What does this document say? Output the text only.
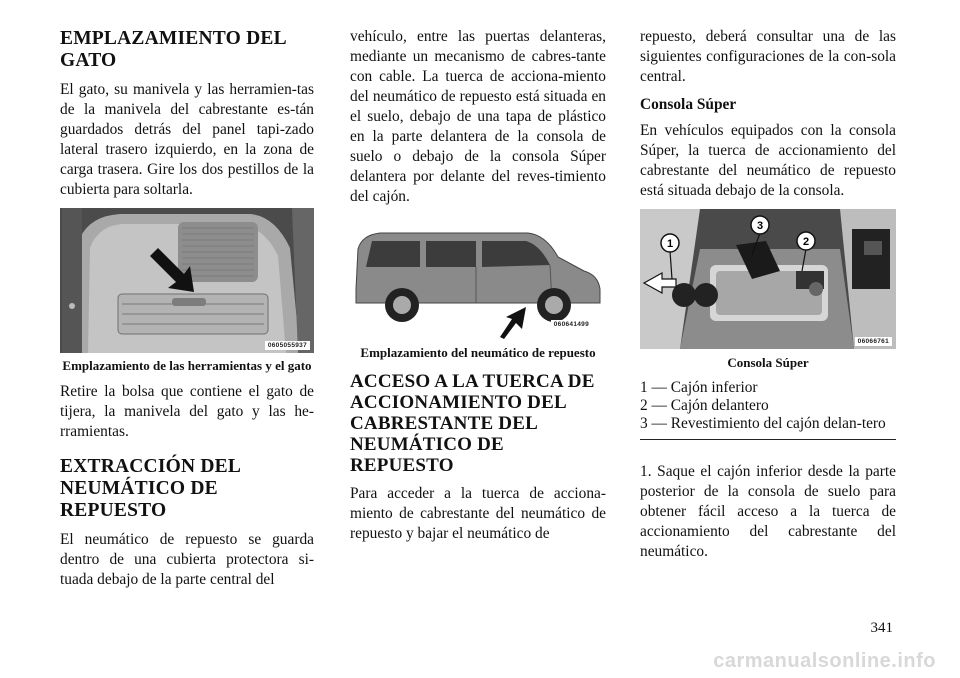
EMPLAZAMIENTO DEL GATO

El gato, su manivela y las herramien-tas de la manivela del cabrestante es-tán guardados detrás del panel tapi-zado lateral trasero izquierdo, en la zona de carga trasera. Gire los dos pestillos de la cubierta para soltarla.

0605055937
Emplazamiento de las herramientas y el gato

Retire la bolsa que contiene el gato de tijera, la manivela del gato y las he-rramientas.

EXTRACCIÓN DEL NEUMÁTICO DE REPUESTO

El neumático de repuesto se guarda dentro de una cubierta protectora si-tuada debajo de la parte central del

vehículo, entre las puertas delanteras, mediante un mecanismo de cabres-tante con cable. La tuerca de acciona-miento del neumático de repuesto está situada en el suelo, debajo de una tapa de plástico en la parte delantera de la consola de suelo o debajo de la consola Súper delantera por delante del reves-timiento del cajón.

060641499
Emplazamiento del neumático de repuesto
ACCESO A LA TUERCA DE ACCIONAMIENTO DEL CABRESTANTE DEL NEUMÁTICO DE REPUESTO

Para acceder a la tuerca de acciona-miento de cabrestante del neumático de repuesto y bajar el neumático de

repuesto, deberá consultar una de las siguientes configuraciones de la con-sola central.

Consola Súper

En vehículos equipados con la consola Súper, la tuerca de accionamiento del cabrestante del neumático de repuesto está situada debajo de la consola.

1
3
2
06066761
Consola Súper

1 — Cajón inferior

2 — Cajón delantero

3 — Revestimiento del cajón delan-tero

1. Saque el cajón inferior desde la parte posterior de la consola de suelo para obtener fácil acceso a la tuerca de accionamiento del cabrestante del neumático.

341
carmanualsonline.info
